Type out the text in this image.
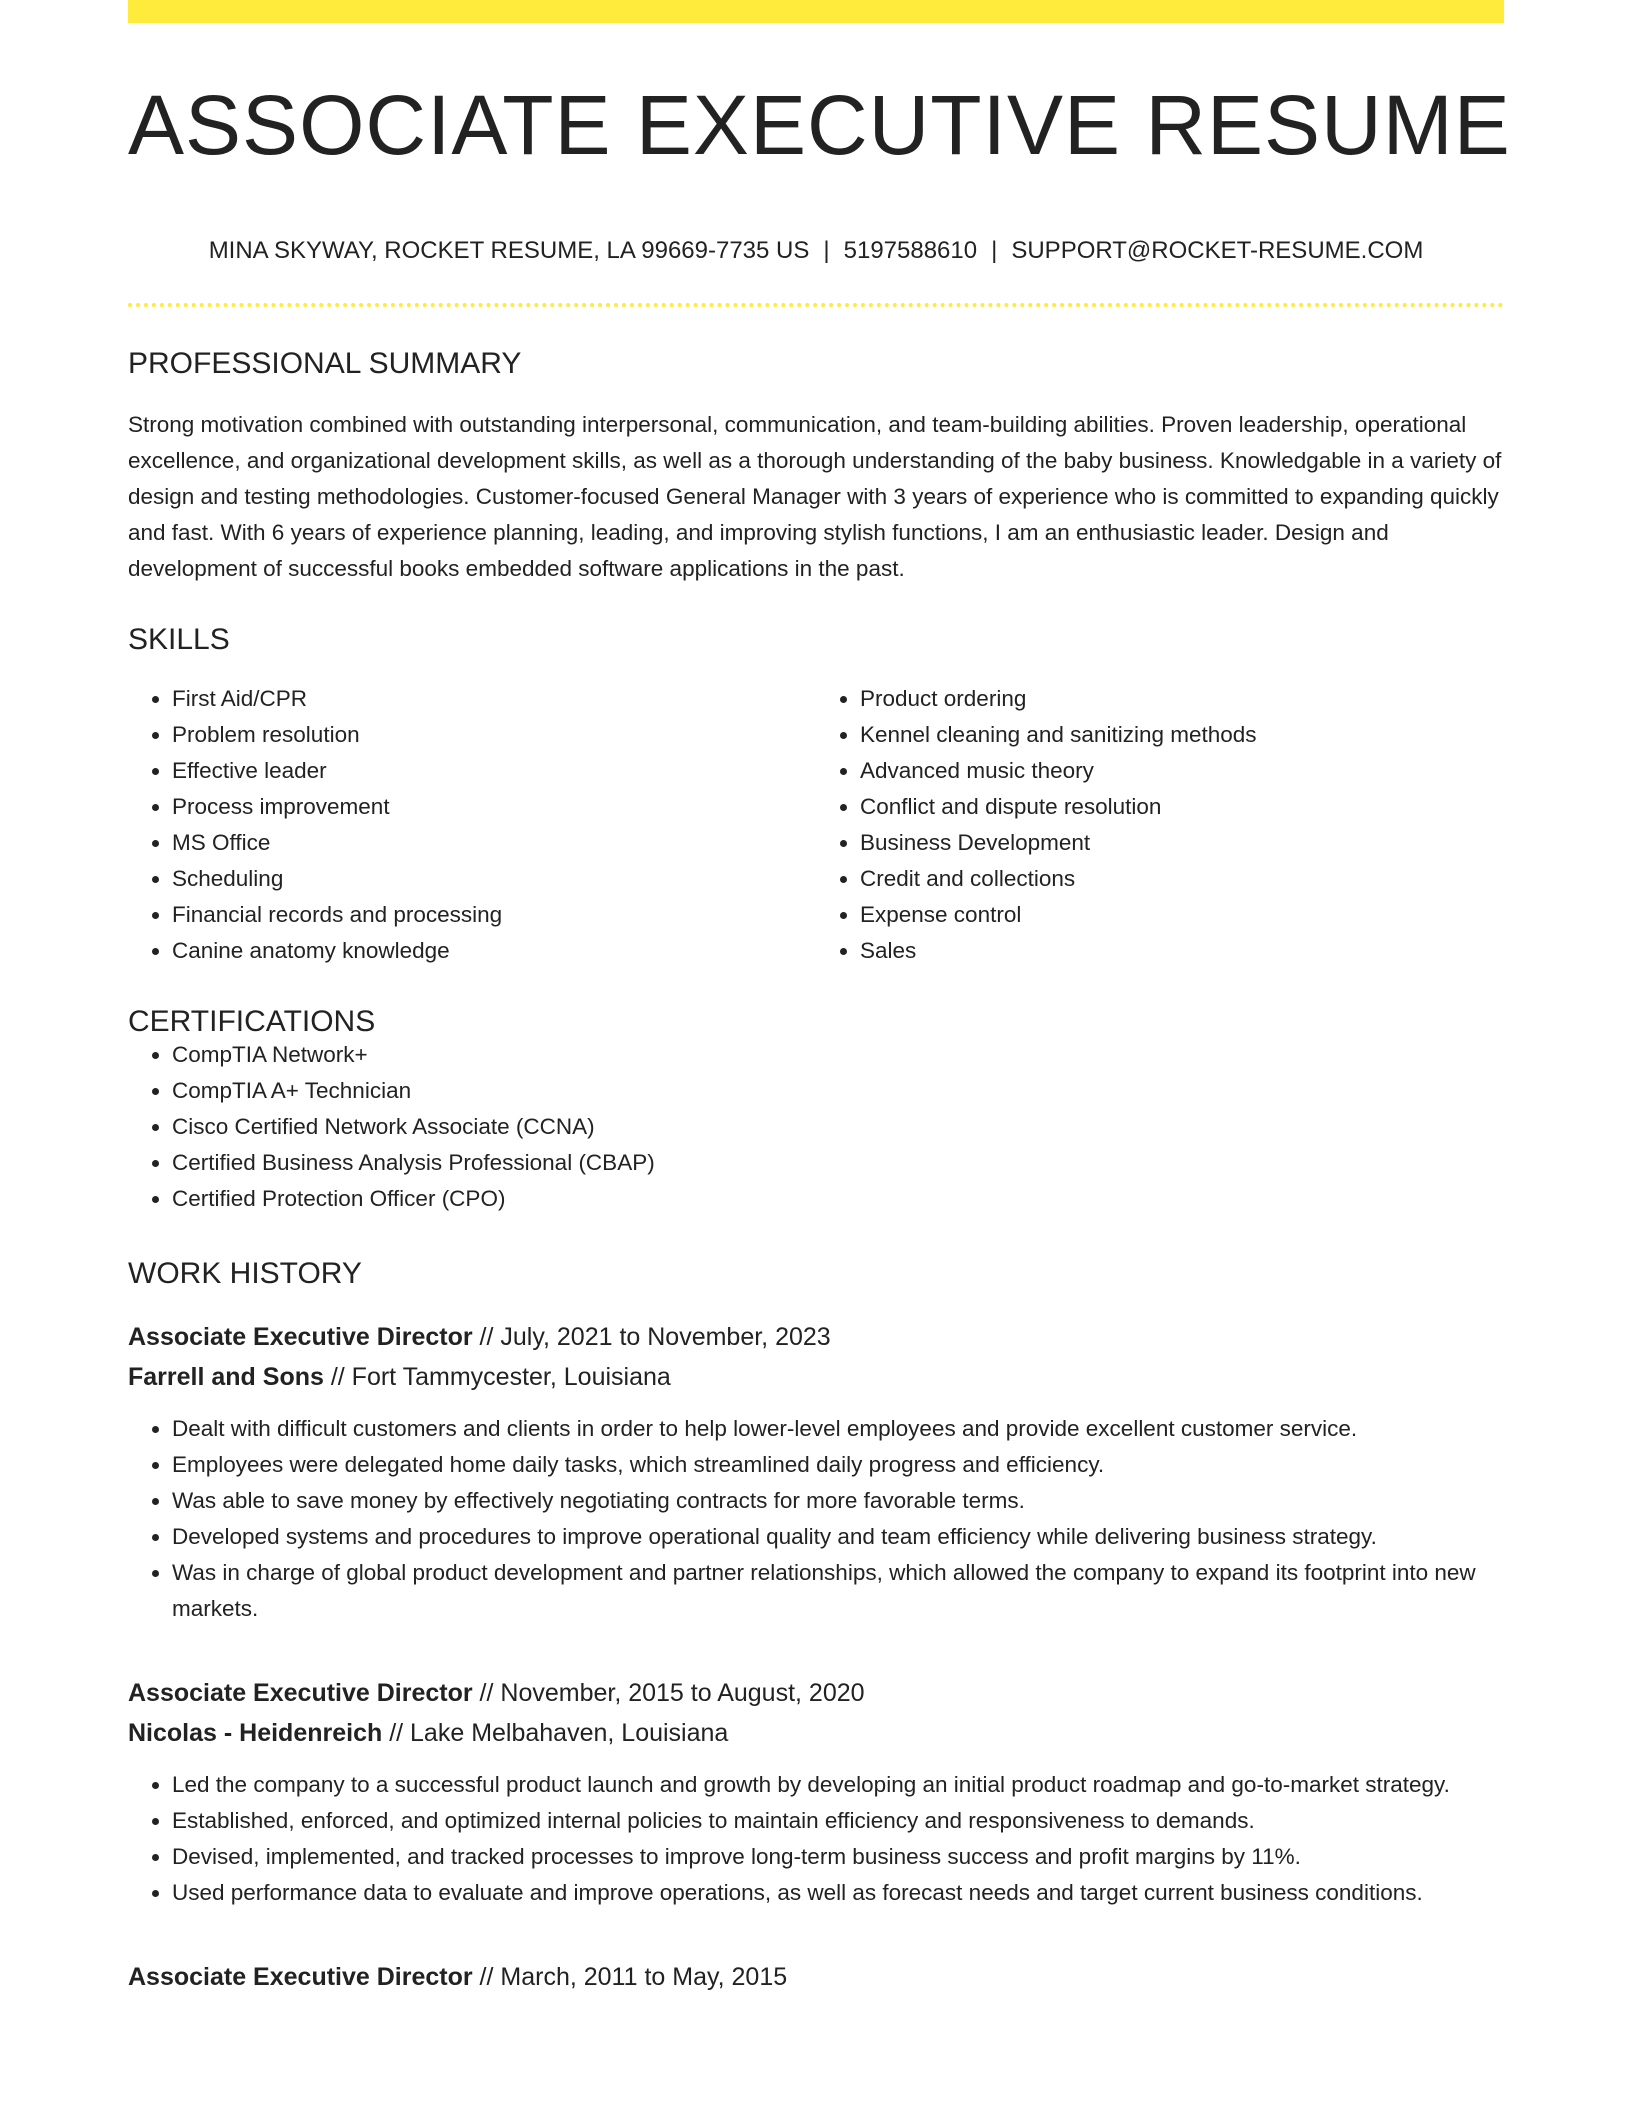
ASSOCIATE EXECUTIVE RESUME
MINA SKYWAY, ROCKET RESUME, LA 99669-7735 US | 5197588610 | SUPPORT@ROCKET-RESUME.COM
PROFESSIONAL SUMMARY
Strong motivation combined with outstanding interpersonal, communication, and team-building abilities. Proven leadership, operational excellence, and organizational development skills, as well as a thorough understanding of the baby business. Knowledgable in a variety of design and testing methodologies. Customer-focused General Manager with 3 years of experience who is committed to expanding quickly and fast. With 6 years of experience planning, leading, and improving stylish functions, I am an enthusiastic leader. Design and development of successful books embedded software applications in the past.
SKILLS
• First Aid/CPR
• Problem resolution
• Effective leader
• Process improvement
• MS Office
• Scheduling
• Financial records and processing
• Canine anatomy knowledge
• Product ordering
• Kennel cleaning and sanitizing methods
• Advanced music theory
• Conflict and dispute resolution
• Business Development
• Credit and collections
• Expense control
• Sales
CERTIFICATIONS
• CompTIA Network+
• CompTIA A+ Technician
• Cisco Certified Network Associate (CCNA)
• Certified Business Analysis Professional (CBAP)
• Certified Protection Officer (CPO)
WORK HISTORY
Associate Executive Director // July, 2021 to November, 2023
Farrell and Sons // Fort Tammycester, Louisiana
• Dealt with difficult customers and clients in order to help lower-level employees and provide excellent customer service.
• Employees were delegated home daily tasks, which streamlined daily progress and efficiency.
• Was able to save money by effectively negotiating contracts for more favorable terms.
• Developed systems and procedures to improve operational quality and team efficiency while delivering business strategy.
• Was in charge of global product development and partner relationships, which allowed the company to expand its footprint into new markets.
Associate Executive Director // November, 2015 to August, 2020
Nicolas - Heidenreich // Lake Melbahaven, Louisiana
• Led the company to a successful product launch and growth by developing an initial product roadmap and go-to-market strategy.
• Established, enforced, and optimized internal policies to maintain efficiency and responsiveness to demands.
• Devised, implemented, and tracked processes to improve long-term business success and profit margins by 11%.
• Used performance data to evaluate and improve operations, as well as forecast needs and target current business conditions.
Associate Executive Director // March, 2011 to May, 2015
